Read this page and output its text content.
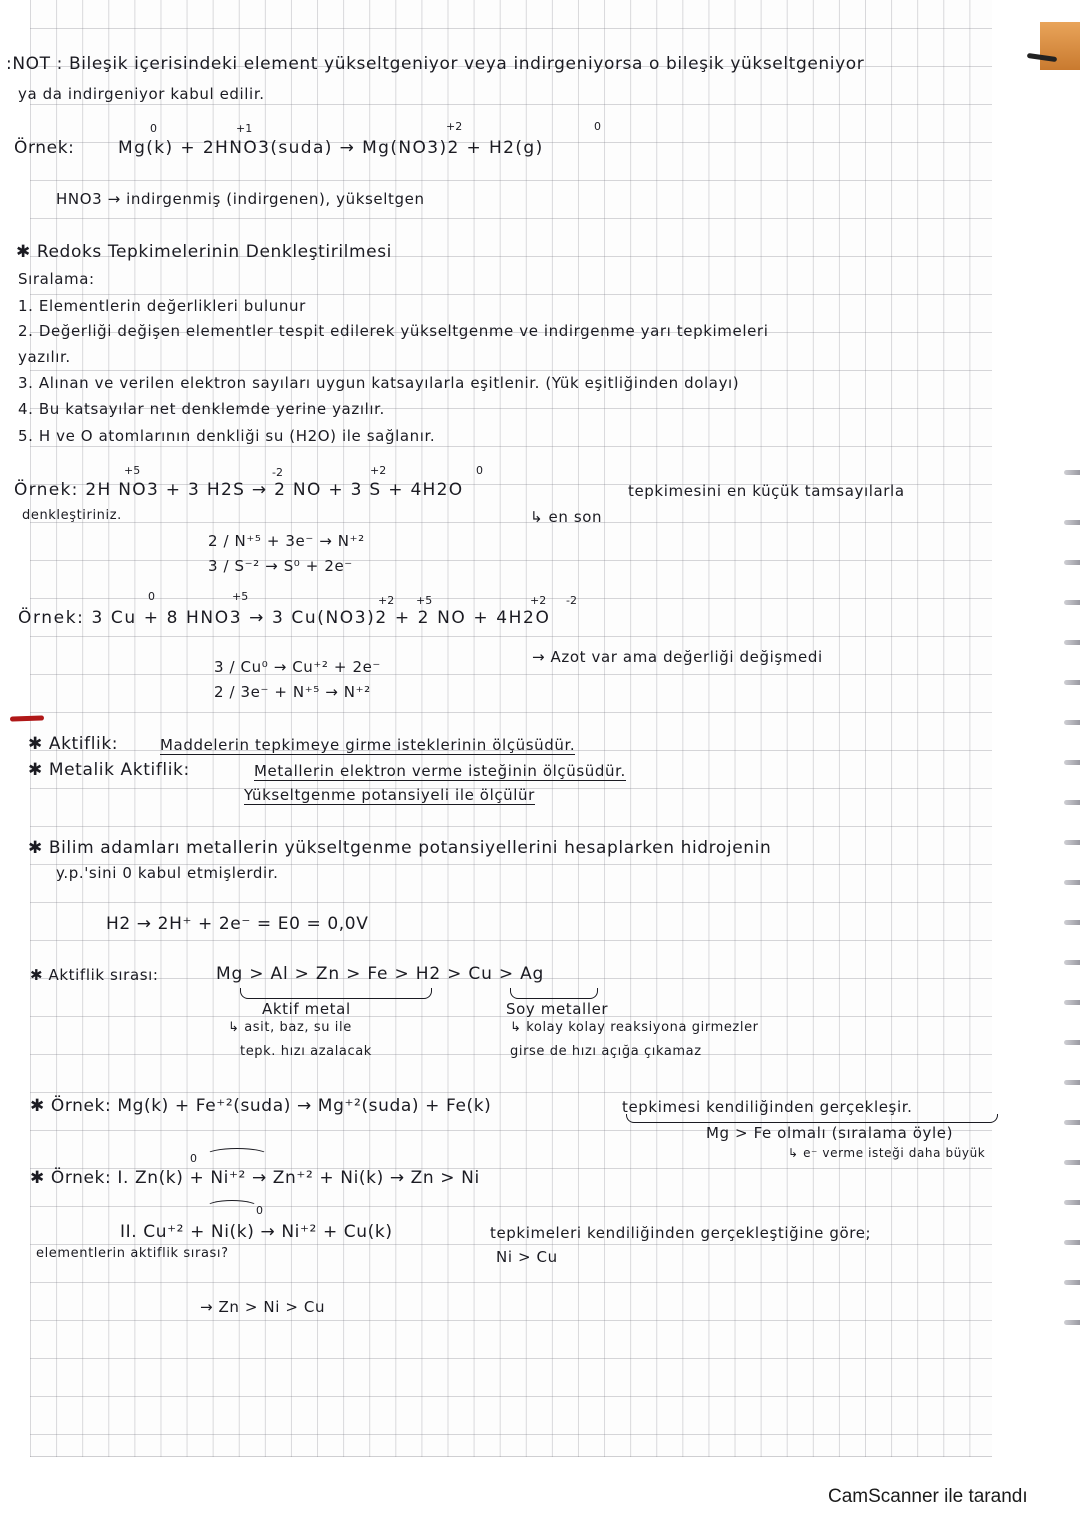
:NOT : Bileşik içerisindeki element yükseltgeniyor veya indirgeniyorsa o bileşik yükseltgeniyor
ya da indirgeniyor kabul edilir.
0	+1	+2	0
Örnek:	Mg(k) + 2HNO3(suda) → Mg(NO3)2 + H2(g)
HNO3 → indirgenmiş (indirgenen), yükseltgen
✱ Redoks Tepkimelerinin Denkleştirilmesi
Sıralama:
1. Elementlerin değerlikleri bulunur
2. Değerliği değişen elementler tespit edilerek yükseltgenme ve indirgenme yarı tepkimeleri
yazılır.
3. Alınan ve verilen elektron sayıları uygun katsayılarla eşitlenir. (Yük eşitliğinden dolayı)
4. Bu katsayılar net denklemde yerine yazılır.
5. H ve O atomlarının denkliği su (H2O) ile sağlanır.
+5	-2	+2	0
Örnek: 2H NO3 + 3 H2S → 2 NO + 3 S + 4H2O	tepkimesini en küçük tamsayılarla
denkleştiriniz.	↳ en son
2 / N⁺⁵ + 3e⁻ → N⁺²
3 / S⁻² → S⁰ + 2e⁻
0	+5	+2 +5	+2 -2
Örnek: 3 Cu + 8 HNO3 → 3 Cu(NO3)2 + 2 NO + 4H2O
→ Azot var ama değerliği değişmedi
3 / Cu⁰ → Cu⁺² + 2e⁻
2 / 3e⁻ + N⁺⁵ → N⁺²
✱ Aktiflik:	Maddelerin tepkimeye girme isteklerinin ölçüsüdür.
✱ Metalik Aktiflik:	Metallerin elektron verme isteğinin ölçüsüdür.
Yükseltgenme potansiyeli ile ölçülür
✱ Bilim adamları metallerin yükseltgenme potansiyellerini hesaplarken hidrojenin
y.p.'sini 0 kabul etmişlerdir.
H2 → 2H⁺ + 2e⁻ = E0 = 0,0V
✱ Aktiflik sırası:	Mg > Al > Zn > Fe > H2 > Cu > Ag
Aktif metal	Soy metaller
↳ asit, baz, su ile	↳ kolay kolay reaksiyona girmezler
tepk. hızı azalacak	girse de hızı açığa çıkamaz
✱ Örnek: Mg(k) + Fe⁺²(suda) → Mg⁺²(suda) + Fe(k)	tepkimesi kendiliğinden gerçekleşir.
Mg > Fe olmalı (sıralama öyle)
↳ e⁻ verme isteği daha büyük
0
✱ Örnek: I. Zn(k) + Ni⁺² → Zn⁺² + Ni(k) → Zn > Ni
0
II. Cu⁺² + Ni(k) → Ni⁺² + Cu(k)	tepkimeleri kendiliğinden gerçekleştiğine göre;
elementlerin aktiflik sırası?	Ni > Cu
→ Zn > Ni > Cu
CamScanner ile tarandı
